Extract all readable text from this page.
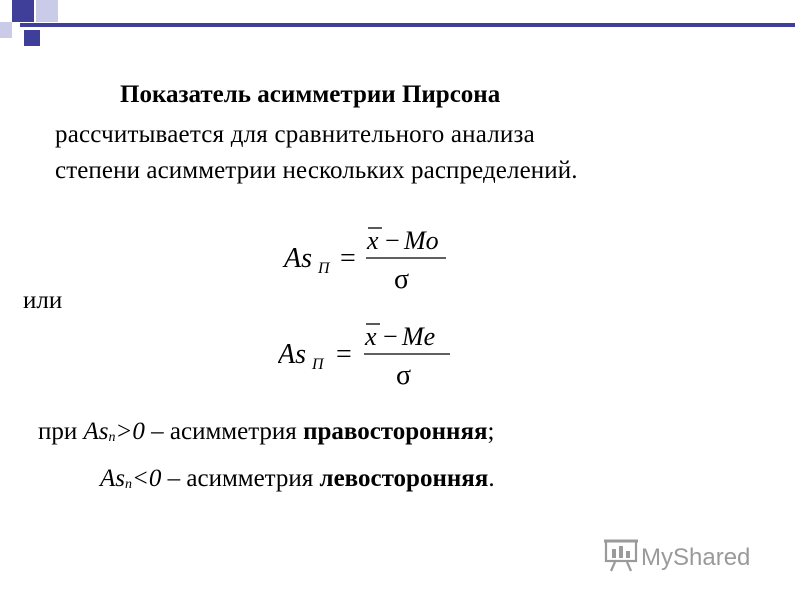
Показатель асимметрии Пирсона
рассчитывается для сравнительного анализа
степени асимметрии нескольких распределений.
As П =
x − Mo
σ
или
As П =
x − Me
σ
при Asn>0 – асимметрия правосторонняя;
Asn<0 – асимметрия левосторонняя.
MyShared
